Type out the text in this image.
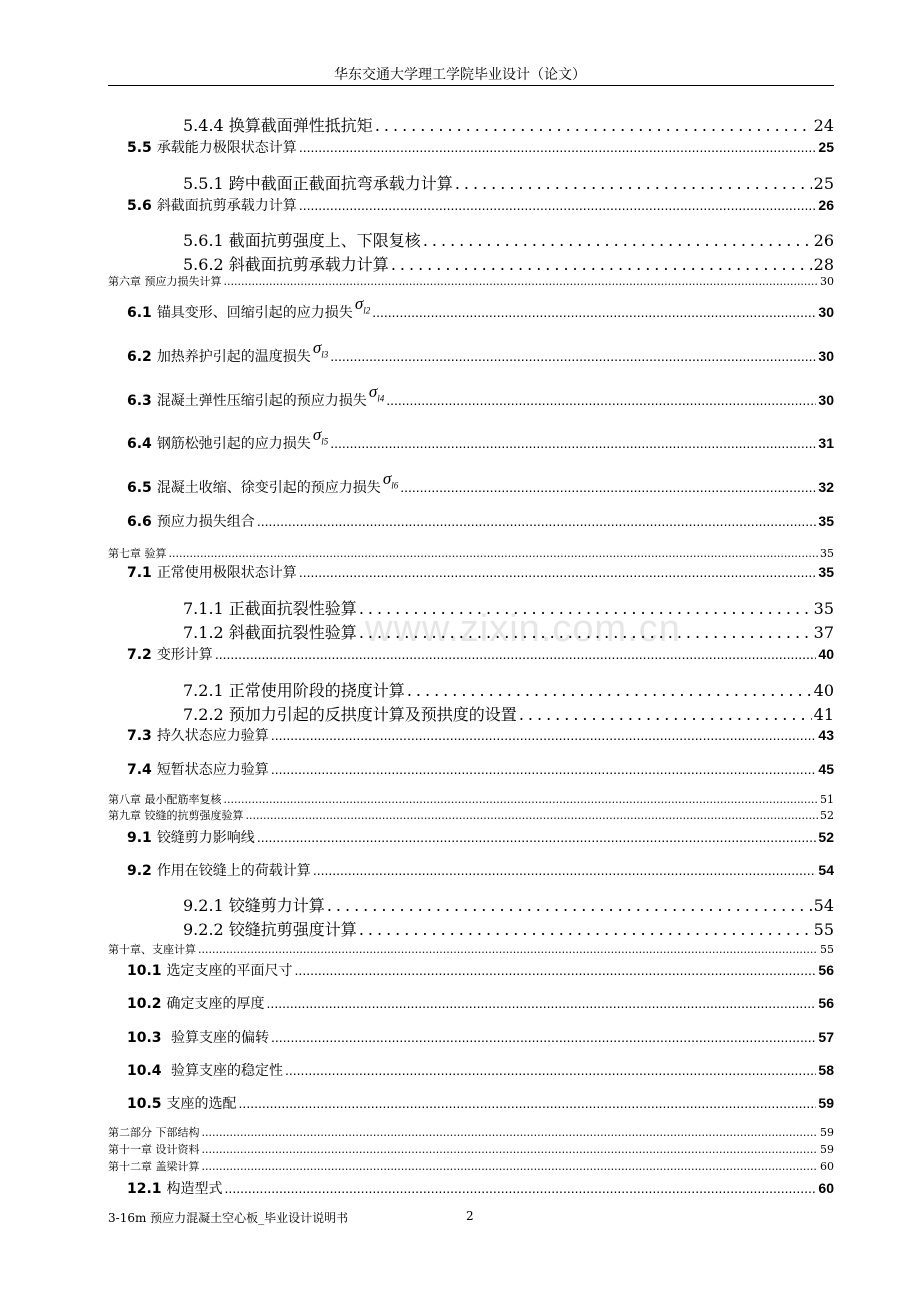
华东交通大学理工学院毕业设计（论文）
www.zixin.com.cn
5.4.4 换算截面弹性抵抗矩 .....	24
5.5 承载能力极限状态计算 .....	25
5.5.1 跨中截面正截面抗弯承载力计算 .....	25
5.6 斜截面抗剪承载力计算 .....	26
5.6.1 截面抗剪强度上、下限复核 .....	26
5.6.2 斜截面抗剪承载力计算 .....	28
第六章 预应力损失计算 .....	30
6.1 锚具变形、回缩引起的应力损失 $\sigma_{l2}$ .....	30
6.2 加热养护引起的温度损失 $\sigma_{l3}$ .....	30
6.3 混凝土弹性压缩引起的预应力损失 $\sigma_{l4}$ .....	30
6.4 钢筋松弛引起的应力损失 $\sigma_{l5}$ .....	31
6.5 混凝土收缩、徐变引起的预应力损失 $\sigma_{l6}$ .....	32
6.6 预应力损失组合 .....	35
第七章 验算 .....	35
7.1 正常使用极限状态计算 .....	35
7.1.1 正截面抗裂性验算 .....	35
7.1.2 斜截面抗裂性验算 .....	37
7.2 变形计算 .....	40
7.2.1 正常使用阶段的挠度计算 .....	40
7.2.2 预加力引起的反拱度计算及预拱度的设置 .....	41
7.3 持久状态应力验算 .....	43
7.4 短暂状态应力验算 .....	45
第八章 最小配筋率复核 .....	51
第九章 铰缝的抗剪强度验算 .....	52
9.1 铰缝剪力影响线 .....	52
9.2 作用在铰缝上的荷载计算 .....	54
9.2.1 铰缝剪力计算 .....	54
9.2.2 铰缝抗剪强度计算 .....	55
第十章、支座计算 .....	55
10.1 选定支座的平面尺寸 .....	56
10.2 确定支座的厚度 .....	56
10.3 验算支座的偏转 .....	57
10.4 验算支座的稳定性 .....	58
10.5 支座的选配 .....	59
第二部分 下部结构 .....	59
第十一章 设计资料 .....	59
第十二章 盖梁计算 .....	60
12.1 构造型式 .....	60
3-16m 预应力混凝土空心板_毕业设计说明书	2
